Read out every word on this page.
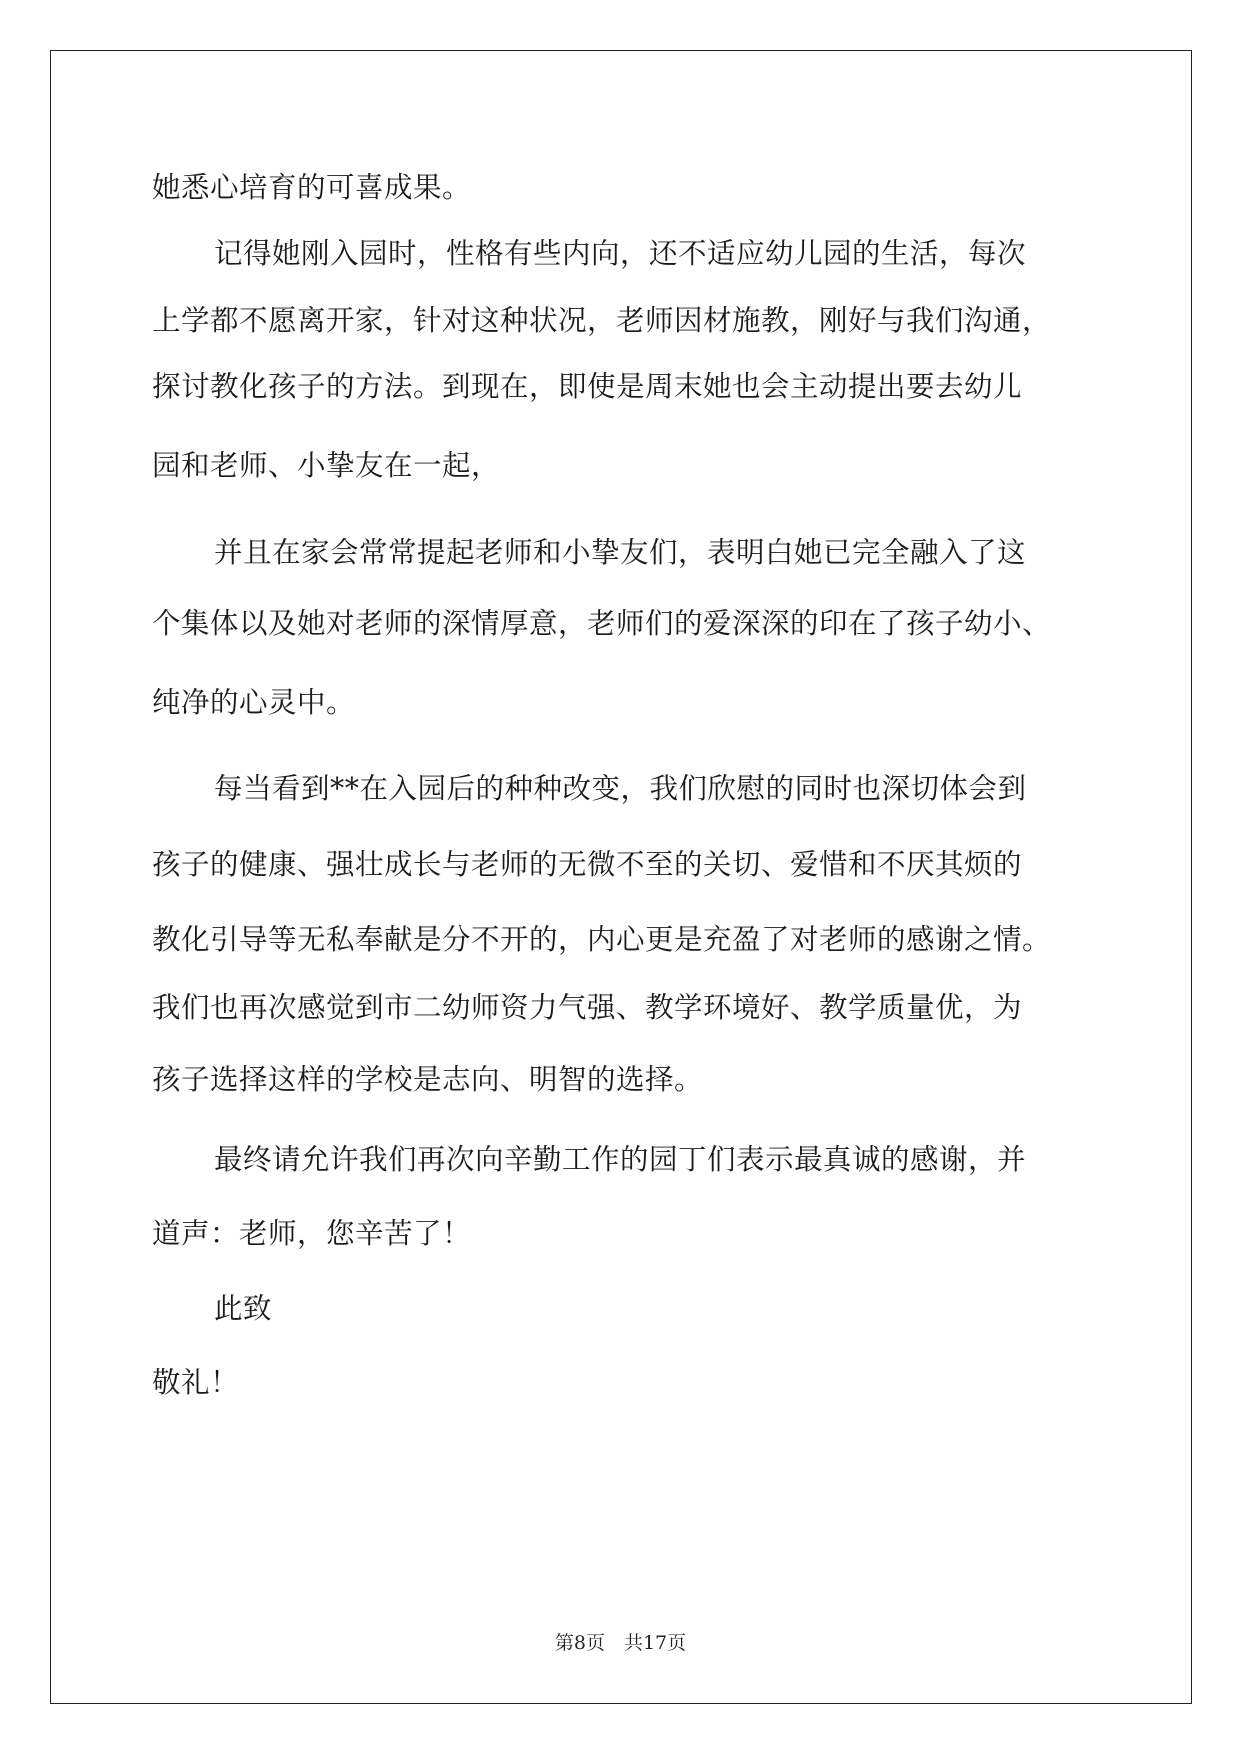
她悉心培育的可喜成果。
记得她刚入园时，性格有些内向，还不适应幼儿园的生活，每次
上学都不愿离开家，针对这种状况，老师因材施教，刚好与我们沟通，
探讨教化孩子的方法。到现在，即使是周末她也会主动提出要去幼儿
园和老师、小挚友在一起，
并且在家会常常提起老师和小挚友们，表明白她已完全融入了这
个集体以及她对老师的深情厚意，老师们的爱深深的印在了孩子幼小、
纯净的心灵中。
每当看到**在入园后的种种改变，我们欣慰的同时也深切体会到
孩子的健康、强壮成长与老师的无微不至的关切、爱惜和不厌其烦的
教化引导等无私奉献是分不开的，内心更是充盈了对老师的感谢之情。
我们也再次感觉到市二幼师资力气强、教学环境好、教学质量优，为
孩子选择这样的学校是志向、明智的选择。
最终请允许我们再次向辛勤工作的园丁们表示最真诚的感谢，并
道声：老师，您辛苦了！
此致
敬礼！
第8页　共17页
